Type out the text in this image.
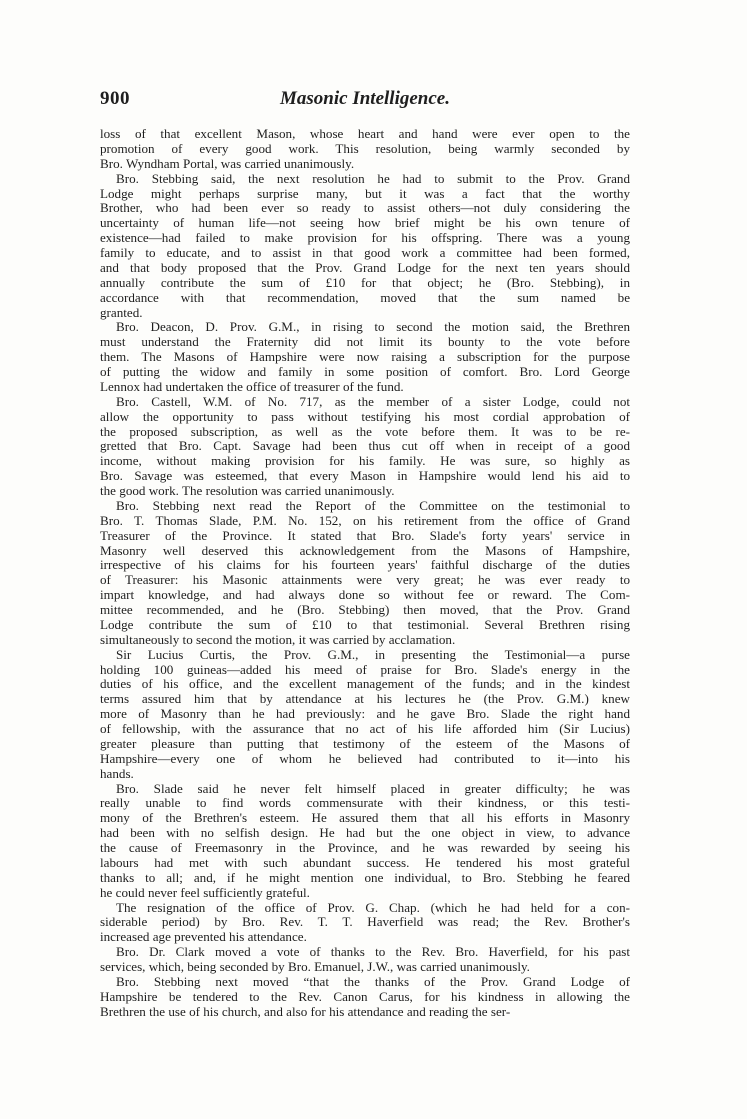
900	Masonic Intelligence.
loss of that excellent Mason, whose heart and hand were ever open to the
promotion of every good work. This resolution, being warmly seconded by
Bro. Wyndham Portal, was carried unanimously.
Bro. Stebbing said, the next resolution he had to submit to the Prov. Grand
Lodge might perhaps surprise many, but it was a fact that the worthy
Brother, who had been ever so ready to assist others—not duly considering the
uncertainty of human life—not seeing how brief might be his own tenure of
existence—had failed to make provision for his offspring. There was a young
family to educate, and to assist in that good work a committee had been formed,
and that body proposed that the Prov. Grand Lodge for the next ten years should
annually contribute the sum of £10 for that object; he (Bro. Stebbing), in
accordance with that recommendation, moved that the sum named be
granted.
Bro. Deacon, D. Prov. G.M., in rising to second the motion said, the Brethren
must understand the Fraternity did not limit its bounty to the vote before
them. The Masons of Hampshire were now raising a subscription for the purpose
of putting the widow and family in some position of comfort. Bro. Lord George
Lennox had undertaken the office of treasurer of the fund.
Bro. Castell, W.M. of No. 717, as the member of a sister Lodge, could not
allow the opportunity to pass without testifying his most cordial approbation of
the proposed subscription, as well as the vote before them. It was to be re-
gretted that Bro. Capt. Savage had been thus cut off when in receipt of a good
income, without making provision for his family. He was sure, so highly as
Bro. Savage was esteemed, that every Mason in Hampshire would lend his aid to
the good work. The resolution was carried unanimously.
Bro. Stebbing next read the Report of the Committee on the testimonial to
Bro. T. Thomas Slade, P.M. No. 152, on his retirement from the office of Grand
Treasurer of the Province. It stated that Bro. Slade's forty years' service in
Masonry well deserved this acknowledgement from the Masons of Hampshire,
irrespective of his claims for his fourteen years' faithful discharge of the duties
of Treasurer: his Masonic attainments were very great; he was ever ready to
impart knowledge, and had always done so without fee or reward. The Com-
mittee recommended, and he (Bro. Stebbing) then moved, that the Prov. Grand
Lodge contribute the sum of £10 to that testimonial. Several Brethren rising
simultaneously to second the motion, it was carried by acclamation.
Sir Lucius Curtis, the Prov. G.M., in presenting the Testimonial—a purse
holding 100 guineas—added his meed of praise for Bro. Slade's energy in the
duties of his office, and the excellent management of the funds; and in the kindest
terms assured him that by attendance at his lectures he (the Prov. G.M.) knew
more of Masonry than he had previously: and he gave Bro. Slade the right hand
of fellowship, with the assurance that no act of his life afforded him (Sir Lucius)
greater pleasure than putting that testimony of the esteem of the Masons of
Hampshire—every one of whom he believed had contributed to it—into his
hands.
Bro. Slade said he never felt himself placed in greater difficulty; he was
really unable to find words commensurate with their kindness, or this testi-
mony of the Brethren's esteem. He assured them that all his efforts in Masonry
had been with no selfish design. He had but the one object in view, to advance
the cause of Freemasonry in the Province, and he was rewarded by seeing his
labours had met with such abundant success. He tendered his most grateful
thanks to all; and, if he might mention one individual, to Bro. Stebbing he feared
he could never feel sufficiently grateful.
The resignation of the office of Prov. G. Chap. (which he had held for a con-
siderable period) by Bro. Rev. T. T. Haverfield was read; the Rev. Brother's
increased age prevented his attendance.
Bro. Dr. Clark moved a vote of thanks to the Rev. Bro. Haverfield, for his past
services, which, being seconded by Bro. Emanuel, J.W., was carried unanimously.
Bro. Stebbing next moved “that the thanks of the Prov. Grand Lodge of
Hampshire be tendered to the Rev. Canon Carus, for his kindness in allowing the
Brethren the use of his church, and also for his attendance and reading the ser-
